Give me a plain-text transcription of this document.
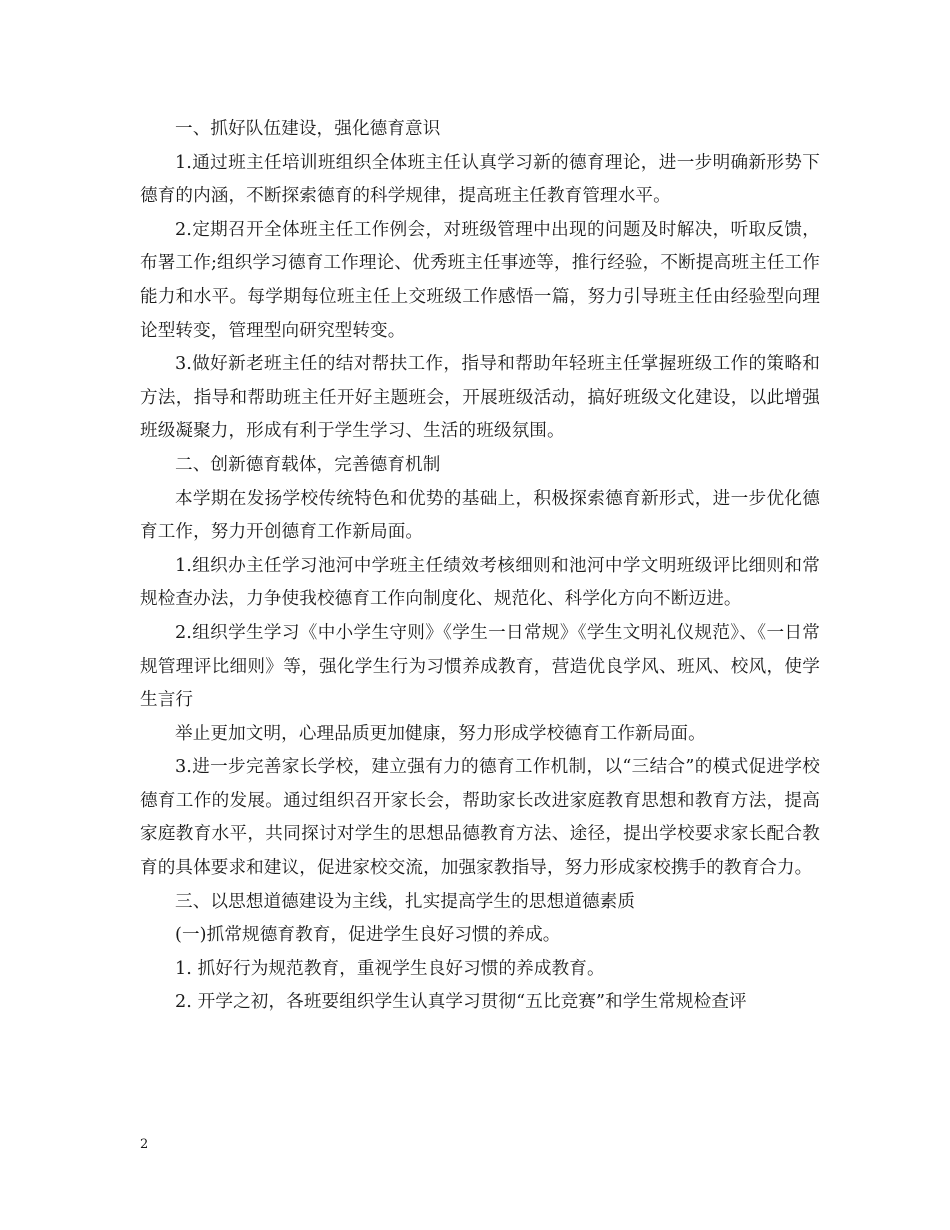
一、抓好队伍建设，强化德育意识

1.通过班主任培训班组织全体班主任认真学习新的德育理论，进一步明确新形势下德育的内涵，不断探索德育的科学规律，提高班主任教育管理水平。

2.定期召开全体班主任工作例会，对班级管理中出现的问题及时解决，听取反馈，布署工作;组织学习德育工作理论、优秀班主任事迹等，推行经验，不断提高班主任工作能力和水平。每学期每位班主任上交班级工作感悟一篇，努力引导班主任由经验型向理论型转变，管理型向研究型转变。

3.做好新老班主任的结对帮扶工作，指导和帮助年轻班主任掌握班级工作的策略和方法，指导和帮助班主任开好主题班会，开展班级活动，搞好班级文化建设，以此增强班级凝聚力，形成有利于学生学习、生活的班级氛围。

二、创新德育载体，完善德育机制

本学期在发扬学校传统特色和优势的基础上，积极探索德育新形式，进一步优化德育工作，努力开创德育工作新局面。

1.组织办主任学习池河中学班主任绩效考核细则和池河中学文明班级评比细则和常规检查办法，力争使我校德育工作向制度化、规范化、科学化方向不断迈进。

2.组织学生学习《中小学生守则》《学生一日常规》《学生文明礼仪规范》、《一日常规管理评比细则》等，强化学生行为习惯养成教育，营造优良学风、班风、校风，使学生言行

举止更加文明，心理品质更加健康，努力形成学校德育工作新局面。

3.进一步完善家长学校，建立强有力的德育工作机制，以“三结合”的模式促进学校德育工作的发展。通过组织召开家长会，帮助家长改进家庭教育思想和教育方法，提高家庭教育水平，共同探讨对学生的思想品德教育方法、途径，提出学校要求家长配合教育的具体要求和建议，促进家校交流，加强家教指导，努力形成家校携手的教育合力。

三、以思想道德建设为主线，扎实提高学生的思想道德素质

(一)抓常规德育教育，促进学生良好习惯的养成。

1. 抓好行为规范教育，重视学生良好习惯的养成教育。

2. 开学之初，各班要组织学生认真学习贯彻“五比竞赛”和学生常规检查评

2
